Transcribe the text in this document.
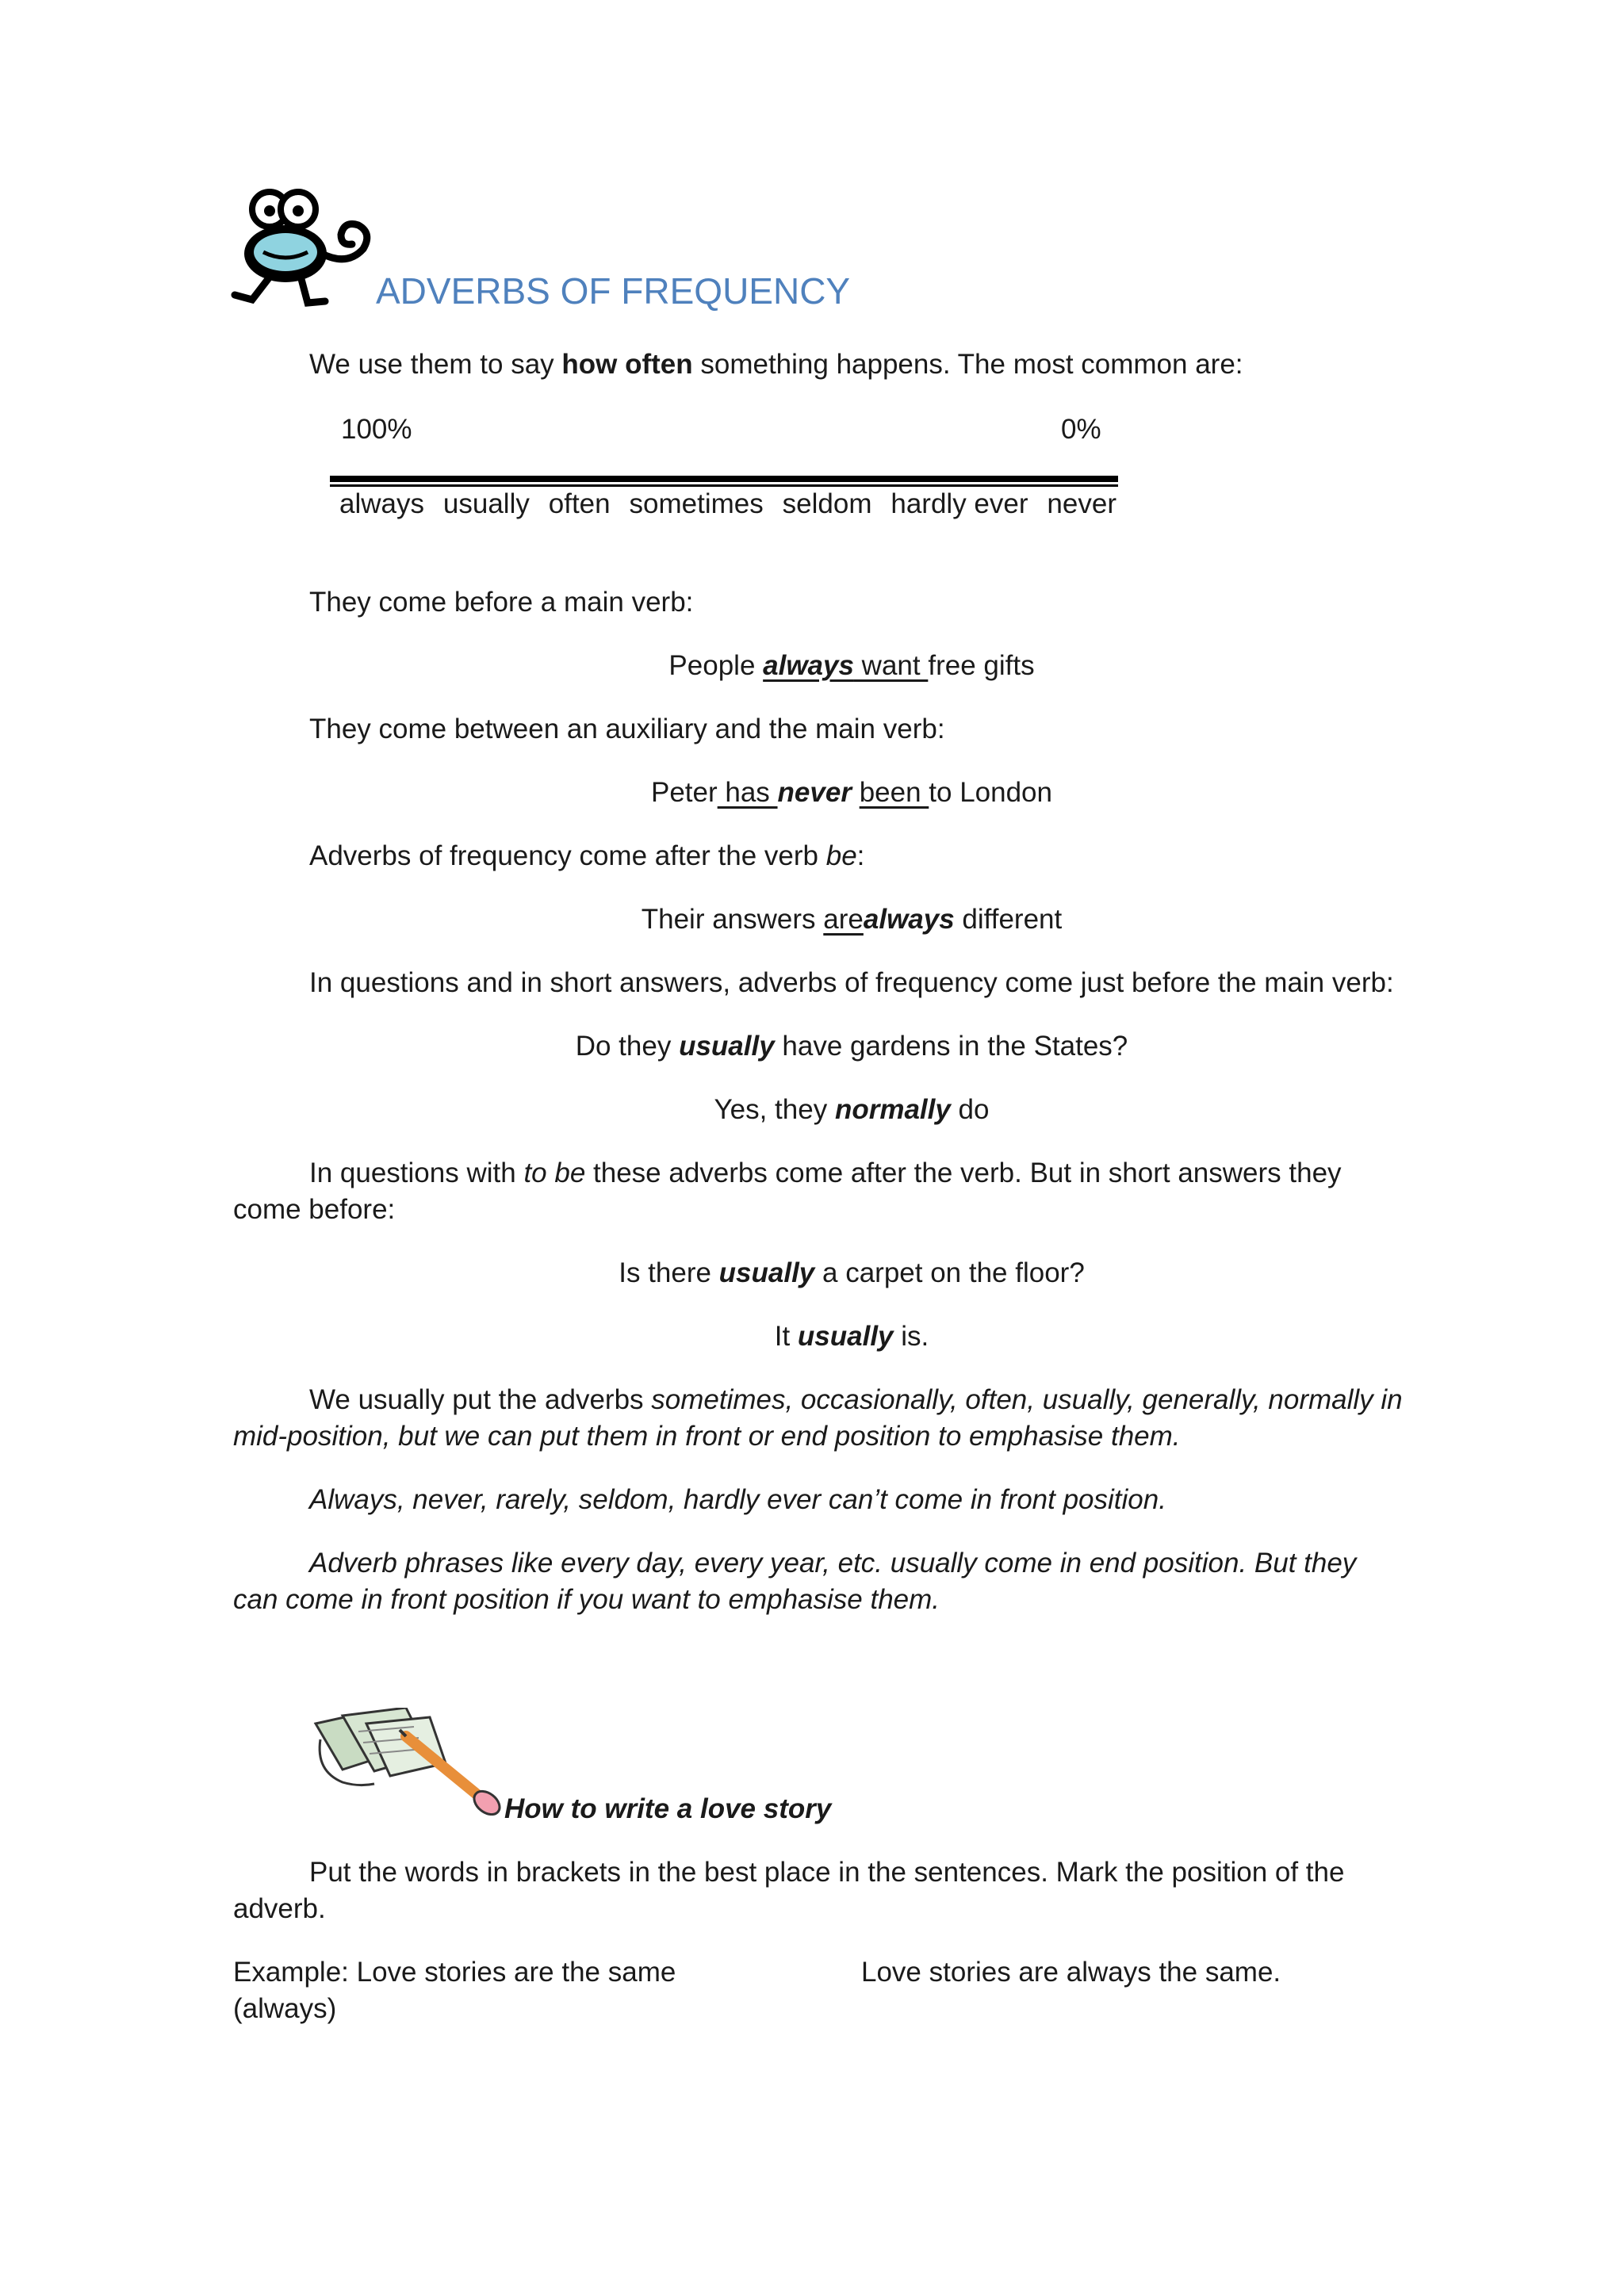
ADVERBS OF FREQUENCY
We use them to say how often something happens. The most common are:
100%	0%
always usually often sometimes seldom hardly ever never
They come before a main verb:
People always want free gifts
They come between an auxiliary and the main verb:
Peter has never been to London
Adverbs of frequency come after the verb be:
Their answers arealways different
In questions and in short answers, adverbs of frequency come just before the main verb:
Do they usually have gardens in the States?
Yes, they normally do
In questions with to be these adverbs come after the verb. But in short answers they
come before:
Is there usually a carpet on the floor?
It usually is.
We usually put the adverbs sometimes, occasionally, often, usually, generally, normally in
mid-position, but we can put them in front or end position to emphasise them.
Always, never, rarely, seldom, hardly ever can’t come in front position.
Adverb phrases like every day, every year, etc. usually come in end position. But they
can come in front position if you want to emphasise them.
How to write a love story
Put the words in brackets in the best place in the sentences. Mark the position of the
adverb.
Example: Love stories are the same
(always)
Love stories are always the same.
